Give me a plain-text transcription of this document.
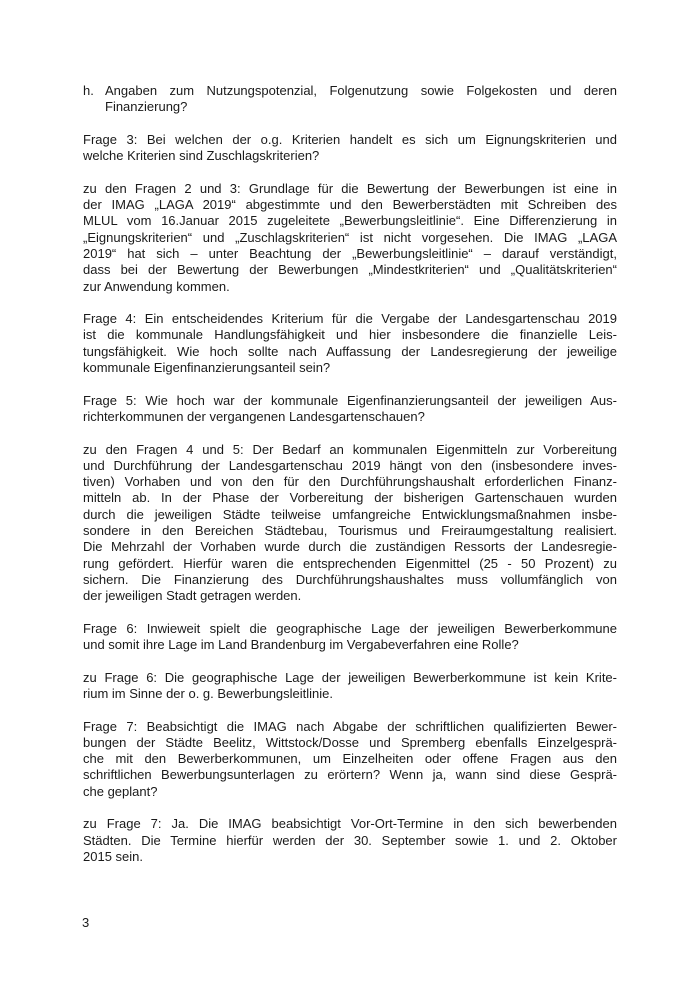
h. Angaben zum Nutzungspotenzial, Folgenutzung sowie Folgekosten und deren
Finanzierung?
Frage 3: Bei welchen der o.g. Kriterien handelt es sich um Eignungskriterien und
welche Kriterien sind Zuschlagskriterien?
zu den Fragen 2 und 3: Grundlage für die Bewertung der Bewerbungen ist eine in
der IMAG „LAGA 2019“ abgestimmte und den Bewerberstädten mit Schreiben des
MLUL vom 16.Januar 2015 zugeleitete „Bewerbungsleitlinie“. Eine Differenzierung in
„Eignungskriterien“ und „Zuschlagskriterien“ ist nicht vorgesehen. Die IMAG „LAGA
2019“ hat sich – unter Beachtung der „Bewerbungsleitlinie“ – darauf verständigt,
dass bei der Bewertung der Bewerbungen „Mindestkriterien“ und „Qualitätskriterien“
zur Anwendung kommen.
Frage 4: Ein entscheidendes Kriterium für die Vergabe der Landesgartenschau 2019
ist die kommunale Handlungsfähigkeit und hier insbesondere die finanzielle Leis-
tungsfähigkeit. Wie hoch sollte nach Auffassung der Landesregierung der jeweilige
kommunale Eigenfinanzierungsanteil sein?
Frage 5: Wie hoch war der kommunale Eigenfinanzierungsanteil der jeweiligen Aus-
richterkommunen der vergangenen Landesgartenschauen?
zu den Fragen 4 und 5: Der Bedarf an kommunalen Eigenmitteln zur Vorbereitung
und Durchführung der Landesgartenschau 2019 hängt von den (insbesondere inves-
tiven) Vorhaben und von den für den Durchführungshaushalt erforderlichen Finanz-
mitteln ab. In der Phase der Vorbereitung der bisherigen Gartenschauen wurden
durch die jeweiligen Städte teilweise umfangreiche Entwicklungsmaßnahmen insbe-
sondere in den Bereichen Städtebau, Tourismus und Freiraumgestaltung realisiert.
Die Mehrzahl der Vorhaben wurde durch die zuständigen Ressorts der Landesregie-
rung gefördert. Hierfür waren die entsprechenden Eigenmittel (25 - 50 Prozent) zu
sichern. Die Finanzierung des Durchführungshaushaltes muss vollumfänglich von
der jeweiligen Stadt getragen werden.
Frage 6: Inwieweit spielt die geographische Lage der jeweiligen Bewerberkommune
und somit ihre Lage im Land Brandenburg im Vergabeverfahren eine Rolle?
zu Frage 6: Die geographische Lage der jeweiligen Bewerberkommune ist kein Krite-
rium im Sinne der o. g. Bewerbungsleitlinie.
Frage 7: Beabsichtigt die IMAG nach Abgabe der schriftlichen qualifizierten Bewer-
bungen der Städte Beelitz, Wittstock/Dosse und Spremberg ebenfalls Einzelgesprä-
che mit den Bewerberkommunen, um Einzelheiten oder offene Fragen aus den
schriftlichen Bewerbungsunterlagen zu erörtern? Wenn ja, wann sind diese Gesprä-
che geplant?
zu Frage 7: Ja. Die IMAG beabsichtigt Vor-Ort-Termine in den sich bewerbenden
Städten. Die Termine hierfür werden der 30. September sowie 1. und 2. Oktober
2015 sein.
3
